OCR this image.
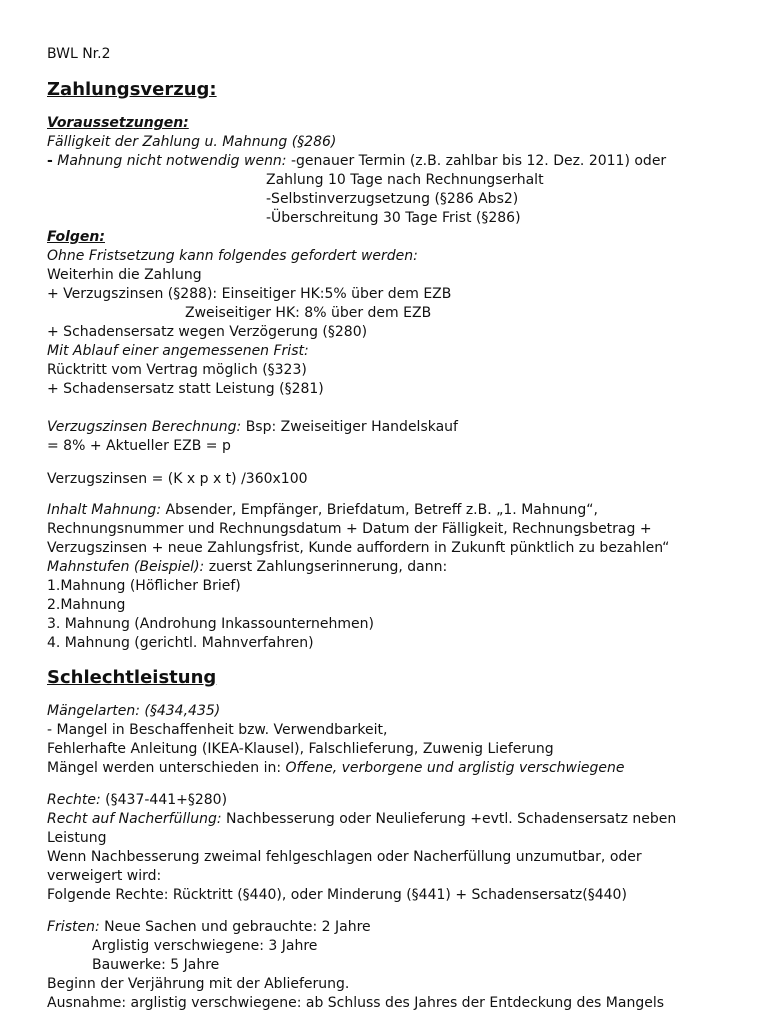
BWL Nr.2
Zahlungsverzug:
Voraussetzungen:
Fälligkeit der Zahlung u. Mahnung (§286)
- Mahnung nicht notwendig wenn: -genauer Termin (z.B. zahlbar bis 12. Dez. 2011) oder
Zahlung 10 Tage nach Rechnungserhalt
-Selbstinverzugsetzung (§286 Abs2)
-Überschreitung 30 Tage Frist (§286)
Folgen:
Ohne Fristsetzung kann folgendes gefordert werden:
Weiterhin die Zahlung
+ Verzugszinsen (§288): Einseitiger HK:5% über dem EZB
Zweiseitiger HK: 8% über dem EZB
+ Schadensersatz wegen Verzögerung (§280)
Mit Ablauf einer angemessenen Frist:
Rücktritt vom Vertrag möglich (§323)
+ Schadensersatz statt Leistung (§281)
Verzugszinsen Berechnung: Bsp: Zweiseitiger Handelskauf
= 8% + Aktueller EZB = p
Verzugszinsen = (K x p x t) /360x100
Inhalt Mahnung: Absender, Empfänger, Briefdatum, Betreff z.B. „1. Mahnung“,
Rechnungsnummer und Rechnungsdatum + Datum der Fälligkeit, Rechnungsbetrag +
Verzugszinsen + neue Zahlungsfrist, Kunde auffordern in Zukunft pünktlich zu bezahlen“
Mahnstufen (Beispiel): zuerst Zahlungserinnerung, dann:
1.Mahnung (Höflicher Brief)
2.Mahnung
3. Mahnung (Androhung Inkassounternehmen)
4. Mahnung (gerichtl. Mahnverfahren)
Schlechtleistung
Mängelarten: (§434,435)
- Mangel in Beschaffenheit bzw. Verwendbarkeit,
Fehlerhafte Anleitung (IKEA-Klausel), Falschlieferung, Zuwenig Lieferung
Mängel werden unterschieden in: Offene, verborgene und arglistig verschwiegene
Rechte: (§437-441+§280)
Recht auf Nacherfüllung: Nachbesserung oder Neulieferung +evtl. Schadensersatz neben
Leistung
Wenn Nachbesserung zweimal fehlgeschlagen oder Nacherfüllung unzumutbar, oder
verweigert wird:
Folgende Rechte: Rücktritt (§440), oder Minderung (§441) + Schadensersatz(§440)
Fristen: Neue Sachen und gebrauchte: 2 Jahre
Arglistig verschwiegene: 3 Jahre
Bauwerke: 5 Jahre
Beginn der Verjährung mit der Ablieferung.
Ausnahme: arglistig verschwiegene: ab Schluss des Jahres der Entdeckung des Mangels
